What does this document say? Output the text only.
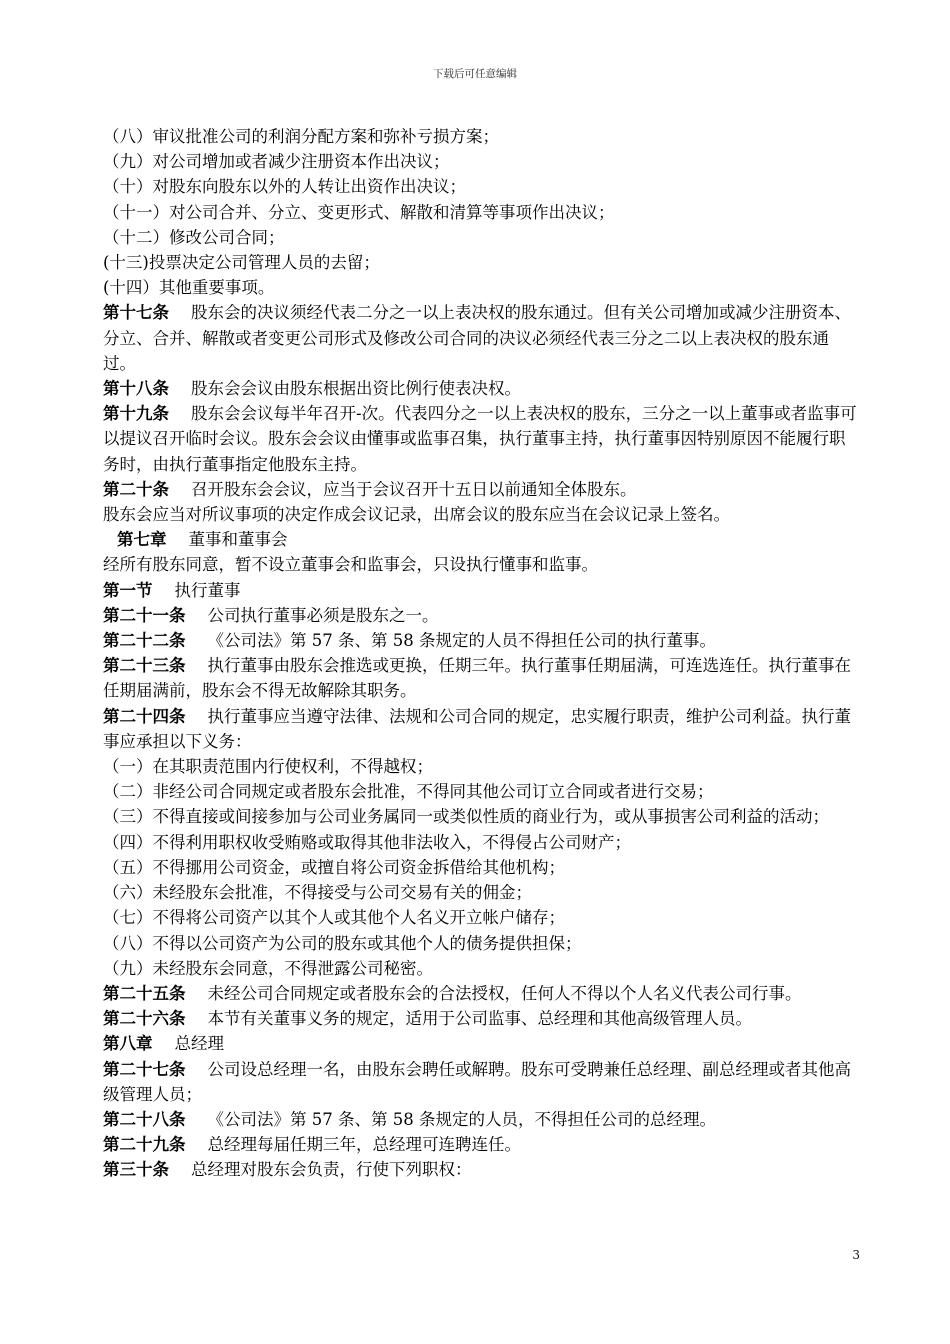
下载后可任意编辑
（八）审议批准公司的利润分配方案和弥补亏损方案；
（九）对公司增加或者减少注册资本作出决议；
（十）对股东向股东以外的人转让出资作出决议；
（十一）对公司合并、分立、变更形式、解散和清算等事项作出决议；
（十二）修改公司合同；
(十三)投票决定公司管理人员的去留；
(十四）其他重要事项。
第十七条 股东会的决议须经代表二分之一以上表决权的股东通过。但有关公司增加或减少注册资本、分立、合并、解散或者变更公司形式及修改公司合同的决议必须经代表三分之二以上表决权的股东通过。
第十八条 股东会会议由股东根据出资比例行使表决权。
第十九条 股东会会议每半年召开-次。代表四分之一以上表决权的股东，三分之一以上董事或者监事可以提议召开临时会议。股东会会议由懂事或监事召集，执行董事主持，执行董事因特别原因不能履行职务时，由执行董事指定他股东主持。
第二十条 召开股东会会议，应当于会议召开十五日以前通知全体股东。
股东会应当对所议事项的决定作成会议记录，出席会议的股东应当在会议记录上签名。
第七章 董事和董事会
经所有股东同意，暂不设立董事会和监事会，只设执行懂事和监事。
第一节 执行董事
第二十一条 公司执行董事必须是股东之一。
第二十二条 《公司法》第 57 条、第 58 条规定的人员不得担任公司的执行董事。
第二十三条 执行董事由股东会推选或更换，任期三年。执行董事任期届满，可连选连任。执行董事在任期届满前，股东会不得无故解除其职务。
第二十四条 执行董事应当遵守法律、法规和公司合同的规定，忠实履行职责，维护公司利益。执行董事应承担以下义务：
（一）在其职责范围内行使权利，不得越权；
（二）非经公司合同规定或者股东会批准，不得同其他公司订立合同或者进行交易；
（三）不得直接或间接参加与公司业务属同一或类似性质的商业行为，或从事损害公司利益的活动；
（四）不得利用职权收受贿赂或取得其他非法收入，不得侵占公司财产；
（五）不得挪用公司资金，或擅自将公司资金拆借给其他机构；
（六）未经股东会批准，不得接受与公司交易有关的佣金；
（七）不得将公司资产以其个人或其他个人名义开立帐户储存；
（八）不得以公司资产为公司的股东或其他个人的债务提供担保；
（九）未经股东会同意，不得泄露公司秘密。
第二十五条 未经公司合同规定或者股东会的合法授权，任何人不得以个人名义代表公司行事。
第二十六条 本节有关董事义务的规定，适用于公司监事、总经理和其他高级管理人员。
第八章 总经理
第二十七条 公司设总经理一名，由股东会聘任或解聘。股东可受聘兼任总经理、副总经理或者其他高级管理人员；
第二十八条 《公司法》第 57 条、第 58 条规定的人员，不得担任公司的总经理。
第二十九条 总经理每届任期三年，总经理可连聘连任。
第三十条 总经理对股东会负责，行使下列职权：
3
